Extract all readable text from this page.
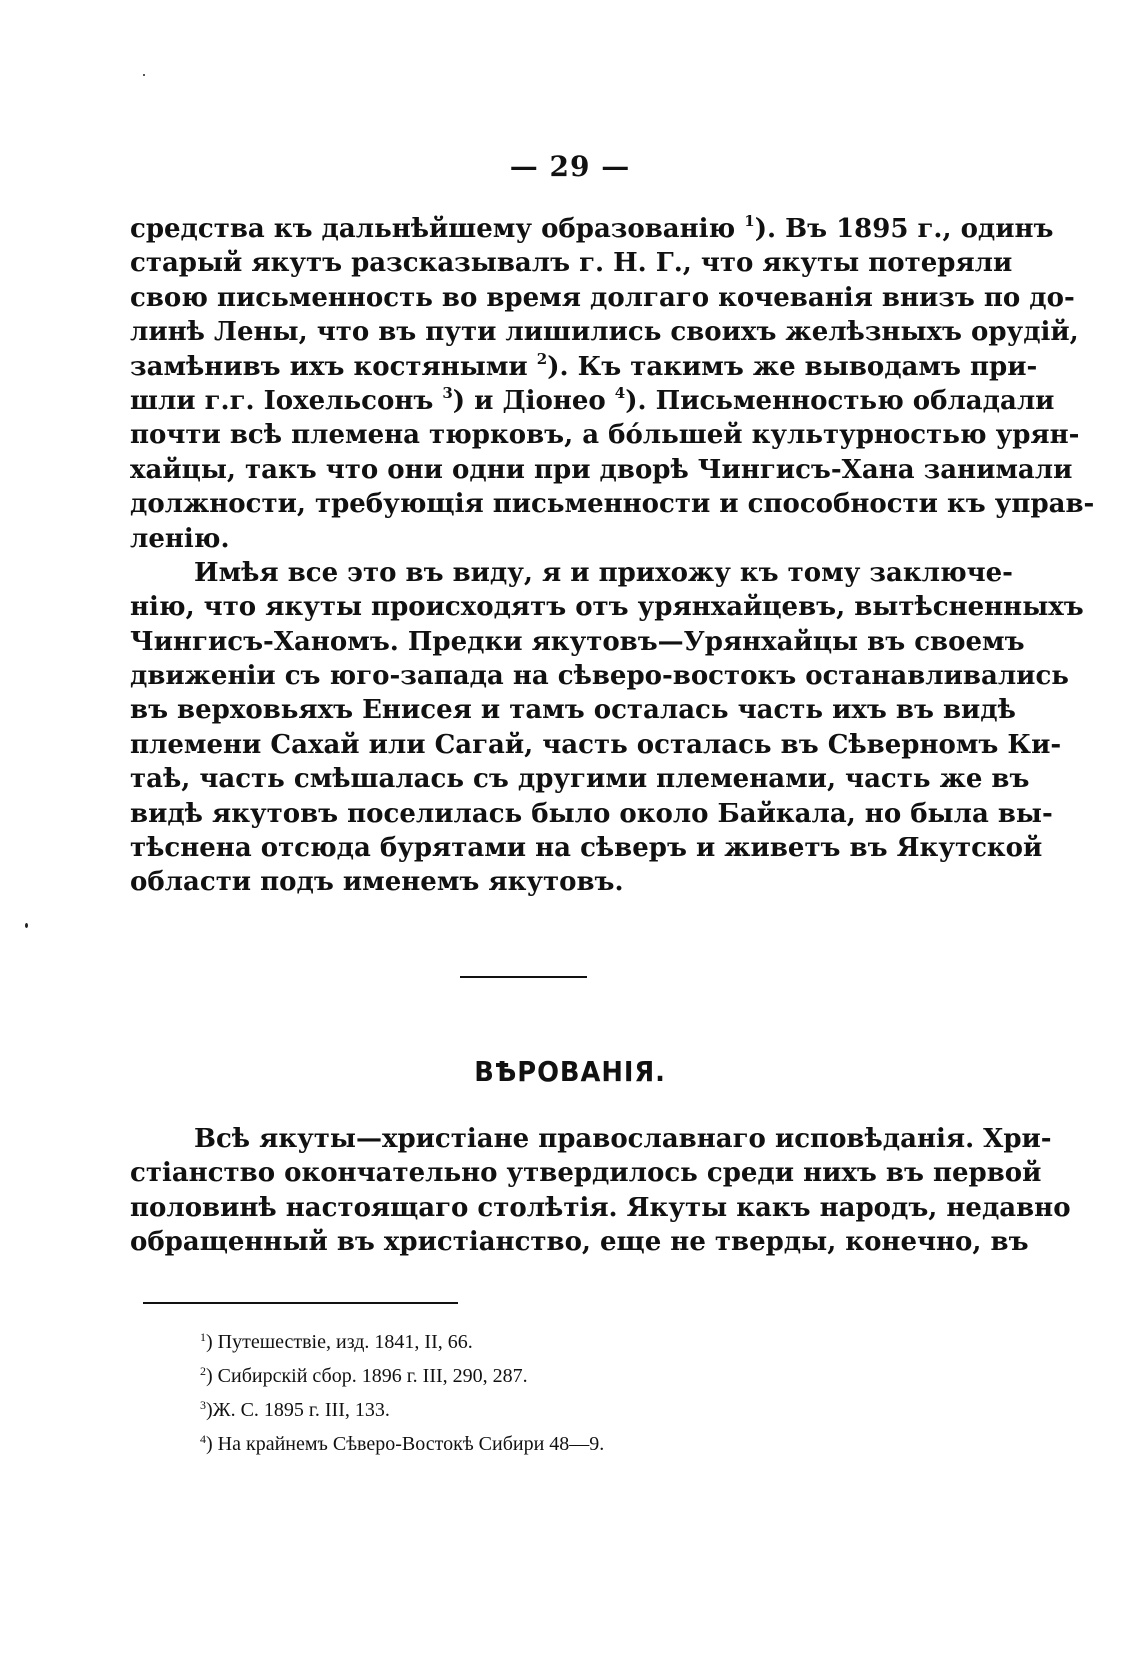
— 29 —
средства къ дальнѣйшему образованію $^1$). Въ 1895 г., одинъ
старый якутъ разсказывалъ г. Н. Г., что якуты потеряли
свою письменность во время долгаго кочеванія внизъ по до-
линѣ Лены, что въ пути лишились своихъ желѣзныхъ орудій,
замѣнивъ ихъ костяными $^2$). Къ такимъ же выводамъ при-
шли г.г. Іохельсонъ $^3$) и Діонео $^4$). Письменностью обладали
почти всѣ племена тюрковъ, а бóльшей культурностью урян-
хайцы, такъ что они одни при дворѣ Чингисъ-Хана занимали
должности, требующія письменности и способности къ управ-
ленію.
Имѣя все это въ виду, я и прихожу къ тому заключе-
нію, что якуты происходятъ отъ урянхайцевъ, вытѣсненныхъ
Чингисъ-Ханомъ. Предки якутовъ—Урянхайцы въ своемъ
движеніи съ юго-запада на сѣверо-востокъ останавливались
въ верховьяхъ Енисея и тамъ осталась часть ихъ въ видѣ
племени Сахай или Сагай, часть осталась въ Сѣверномъ Ки-
таѣ, часть смѣшалась съ другими племенами, часть же въ
видѣ якутовъ поселилась было около Байкала, но была вы-
тѣснена отсюда бурятами на сѣверъ и живетъ въ Якутской
области подъ именемъ якутовъ.
ВѢРОВАНІЯ.
Всѣ якуты—христіане православнаго исповѣданія. Хри-
стіанство окончательно утвердилось среди нихъ въ первой
половинѣ настоящаго столѣтія. Якуты какъ народъ, недавно
обращенный въ христіанство, еще не тверды, конечно, въ
$^1$) Путешествіе, изд. 1841, II, 66.
$^2$) Сибирскій сбор. 1896 г. III, 290, 287.
$^3$)Ж. С. 1895 г. III, 133.
$^4$) На крайнемъ Сѣверо-Востокѣ Сибири 48—9.
